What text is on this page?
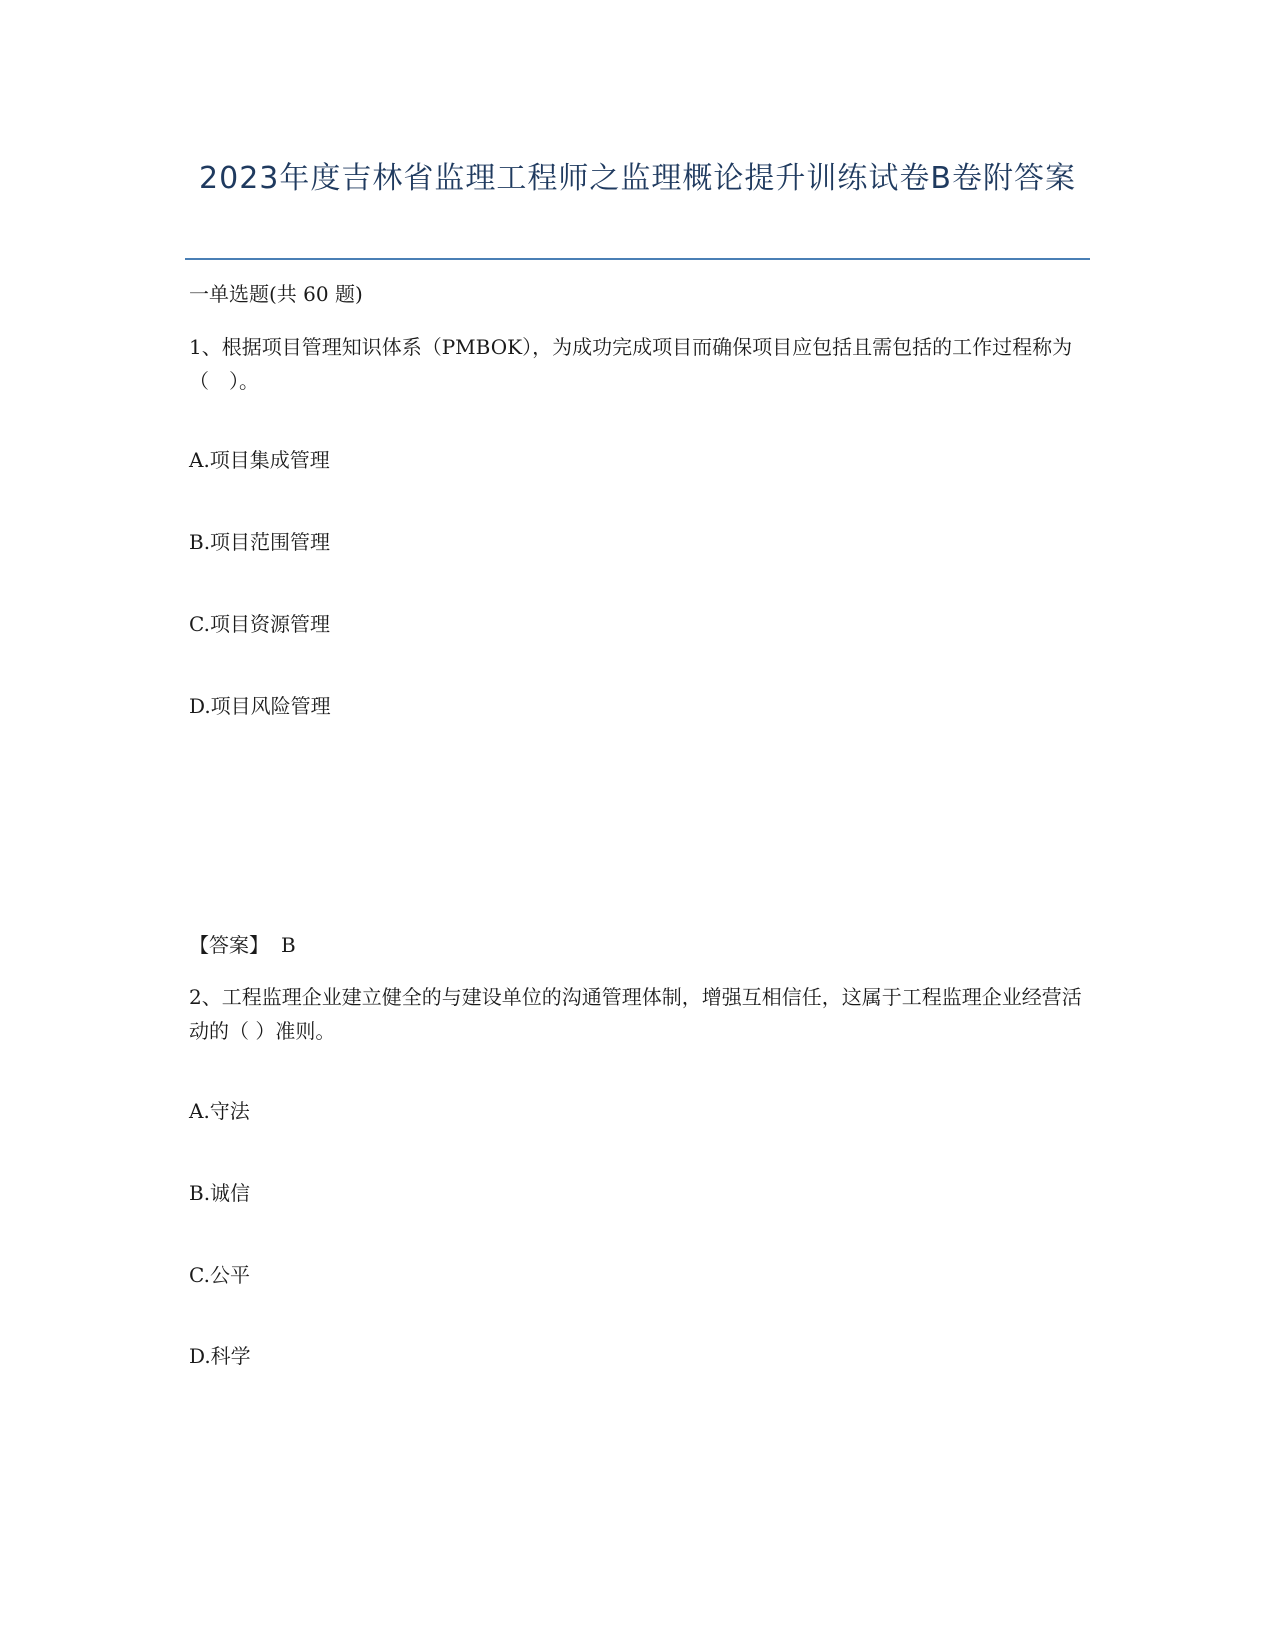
2023年度吉林省监理工程师之监理概论提升训练试卷B卷附答案
一单选题(共 60 题)
1、根据项目管理知识体系（PMBOK），为成功完成项目而确保项目应包括且需包括的工作过程称为（　）。
A.项目集成管理
B.项目范围管理
C.项目资源管理
D.项目风险管理
【答案】 B
2、工程监理企业建立健全的与建设单位的沟通管理体制，增强互相信任，这属于工程监理企业经营活动的（ ）准则。
A.守法
B.诚信
C.公平
D.科学
